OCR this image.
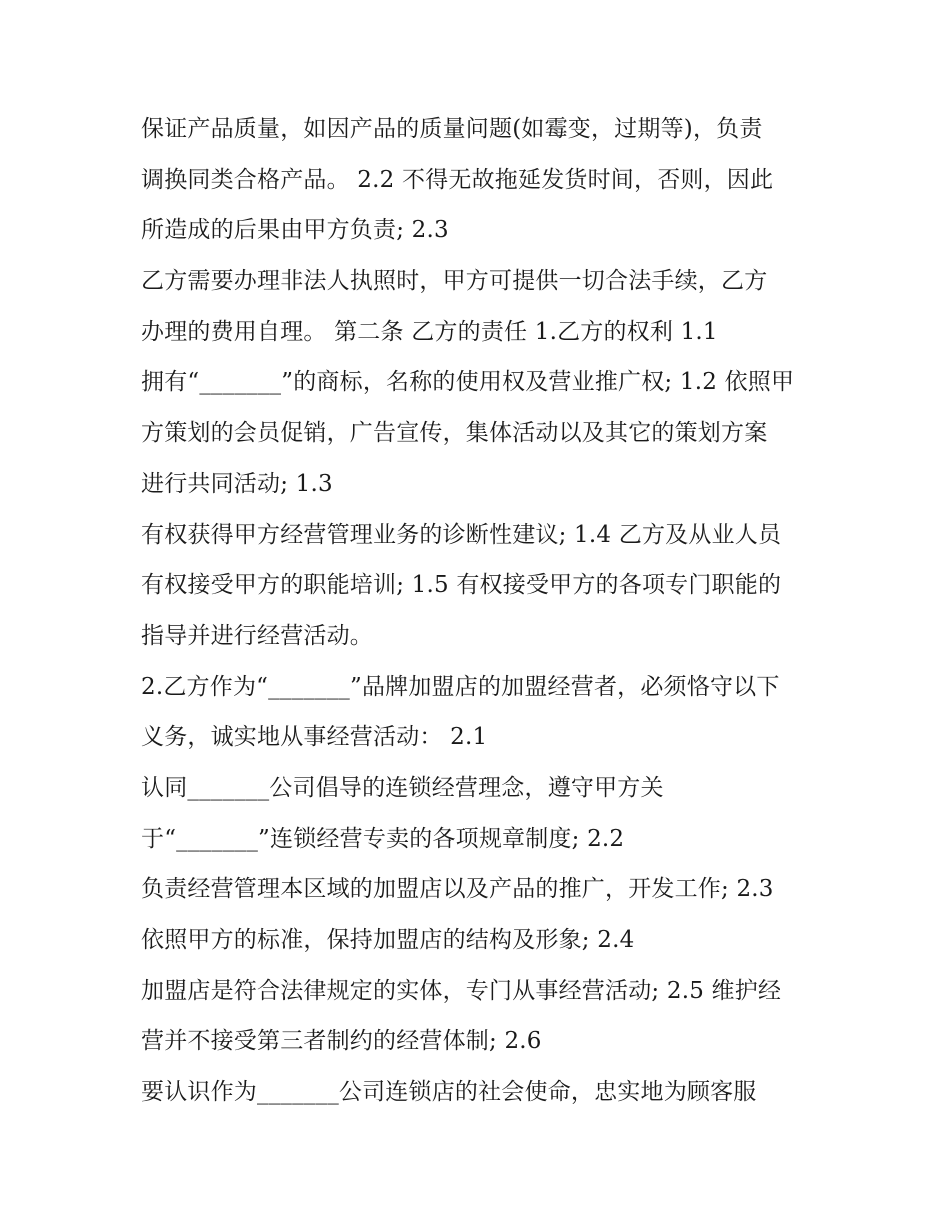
保证产品质量，如因产品的质量问题(如霉变，过期等)，负责
调换同类合格产品。 2.2 不得无故拖延发货时间，否则，因此
所造成的后果由甲方负责; 2.3
乙方需要办理非法人执照时，甲方可提供一切合法手续，乙方
办理的费用自理。 第二条 乙方的责任 1.乙方的权利 1.1
拥有“_______”的商标，名称的使用权及营业推广权; 1.2 依照甲
方策划的会员促销，广告宣传，集体活动以及其它的策划方案
进行共同活动; 1.3
有权获得甲方经营管理业务的诊断性建议; 1.4 乙方及从业人员
有权接受甲方的职能培训; 1.5 有权接受甲方的各项专门职能的
指导并进行经营活动。
2.乙方作为“_______”品牌加盟店的加盟经营者，必须恪守以下
义务，诚实地从事经营活动： 2.1
认同_______公司倡导的连锁经营理念，遵守甲方关
于“_______”连锁经营专卖的各项规章制度; 2.2
负责经营管理本区域的加盟店以及产品的推广，开发工作; 2.3
依照甲方的标准，保持加盟店的结构及形象; 2.4
加盟店是符合法律规定的实体，专门从事经营活动; 2.5 维护经
营并不接受第三者制约的经营体制; 2.6
要认识作为_______公司连锁店的社会使命，忠实地为顾客服
